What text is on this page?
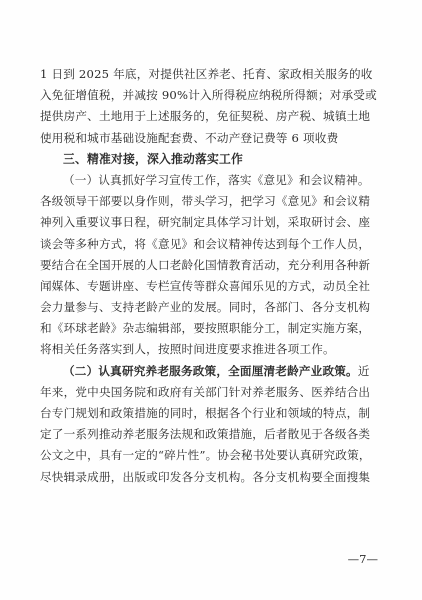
1 日到 2025 年底，对提供社区养老、托育、家政相关服务的收
入免征增值税，并减按 90%计入所得税应纳税所得额；对承受或
提供房产、土地用于上述服务的，免征契税、房产税、城镇土地
使用税和城市基础设施配套费、不动产登记费等 6 项收费
三、精准对接，深入推动落实工作
（一）认真抓好学习宣传工作，落实《意见》和会议精神。
各级领导干部要以身作则，带头学习，把学习《意见》和会议精
神列入重要议事日程，研究制定具体学习计划，采取研讨会、座
谈会等多种方式，将《意见》和会议精神传达到每个工作人员，
要结合在全国开展的人口老龄化国情教育活动，充分利用各种新
闻媒体、专题讲座、专栏宣传等群众喜闻乐见的方式，动员全社
会力量参与、支持老龄产业的发展。同时，各部门、各分支机构
和《环球老龄》杂志编辑部，要按照职能分工，制定实施方案，
将相关任务落实到人，按照时间进度要求推进各项工作。
（二）认真研究养老服务政策，全面厘清老龄产业政策。近
年来，党中央国务院和政府有关部门针对养老服务、医养结合出
台专门规划和政策措施的同时，根据各个行业和领域的特点，制
定了一系列推动养老服务法规和政策措施，后者散见于各级各类
公文之中，具有一定的“碎片性”。协会秘书处要认真研究政策，
尽快辑录成册，出版或印发各分支机构。各分支机构要全面搜集
—7—
